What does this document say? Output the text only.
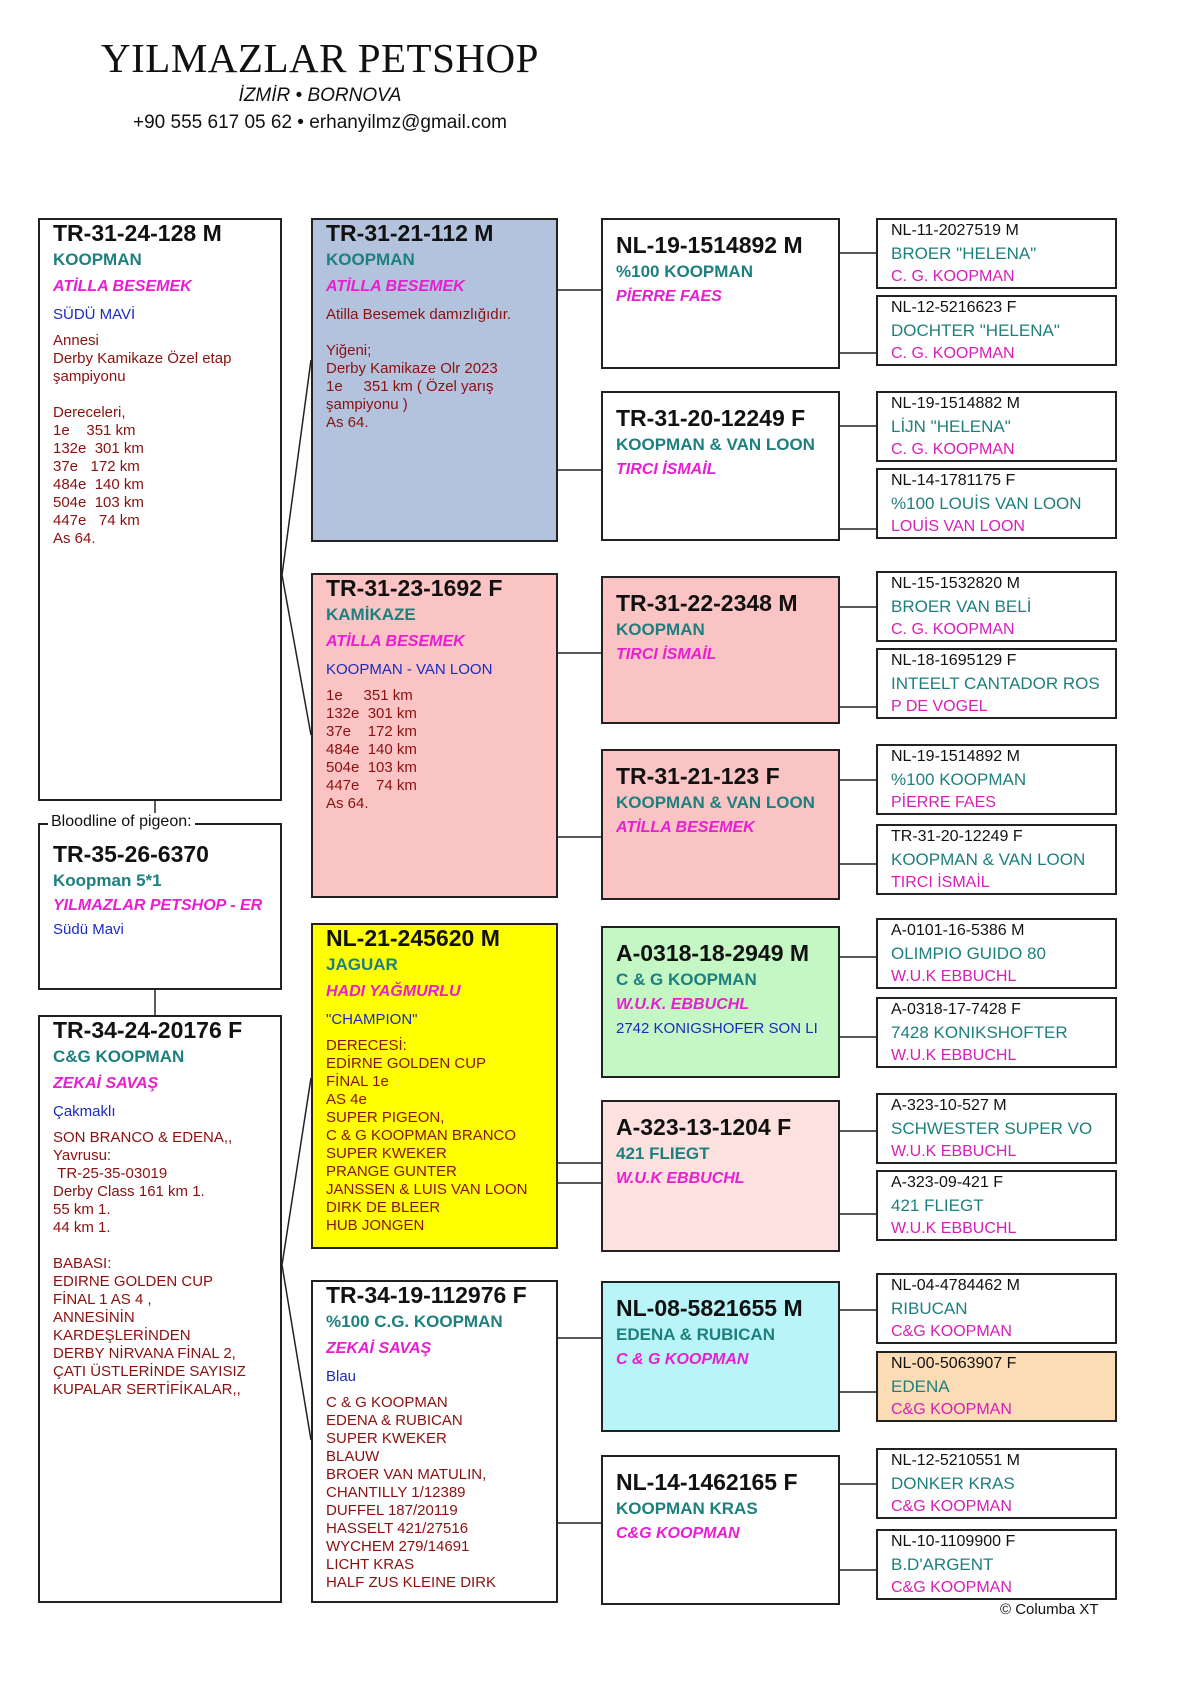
YILMAZLAR PETSHOP
İZMİR • BORNOVA
+90 555 617 05 62 • erhanyilmz@gmail.com
TR-31-24-128 M
KOOPMAN
ATİLLA BESEMEK
SÜDÜ MAVİ
Annesi
Derby Kamikaze Özel etap şampiyonu

Dereceleri,
1e    351 km
132e  301 km
37e   172 km
484e  140 km
504e  103 km
447e   74 km
As 64.
TR-35-26-6370
Koopman 5*1
YILMAZLAR PETSHOP - ER
Südü Mavi
Bloodline of pigeon:
TR-34-24-20176 F
C&G KOOPMAN
ZEKAİ SAVAŞ
Çakmaklı
SON BRANCO & EDENA,,
Yavrusu:
TR-25-35-03019
Derby Class 161 km 1.
55 km 1.
44 km 1.

BABASI:
EDIRNE GOLDEN CUP
FİNAL 1 AS 4 ,
ANNESİNİN
KARDEŞLERİNDEN
DERBY NİRVANA FİNAL 2,
ÇATI ÜSTLERİNDE SAYISIZ
KUPALAR SERTİFİKALAR,,
TR-31-21-112 M
KOOPMAN
ATİLLA BESEMEK
Atilla Besemek damızlığıdır.

Yiğeni;
Derby Kamikaze Olr 2023
1e     351 km ( Özel yarış
şampiyonu )
As 64.
TR-31-23-1692 F
KAMİKAZE
ATİLLA BESEMEK
KOOPMAN - VAN LOON
1e     351 km
132e  301 km
37e    172 km
484e  140 km
504e  103 km
447e    74 km
As 64.
NL-21-245620 M
JAGUAR
HADI YAĞMURLU
"CHAMPION"
DERECESİ:
EDİRNE GOLDEN CUP
FİNAL 1e
AS 4e
SUPER PIGEON,
C & G KOOPMAN BRANCO
SUPER KWEKER
PRANGE GUNTER
JANSSEN & LUIS VAN LOON
DIRK DE BLEER
HUB JONGEN
TR-34-19-112976 F
%100 C.G. KOOPMAN
ZEKAİ SAVAŞ
Blau
C & G KOOPMAN
EDENA & RUBICAN
SUPER KWEKER
BLAUW
BROER VAN MATULIN,
CHANTILLY 1/12389
DUFFEL 187/20119
HASSELT 421/27516
WYCHEM 279/14691
LICHT KRAS
HALF ZUS KLEINE DIRK
NL-19-1514892 M
%100 KOOPMAN
PİERRE FAES
TR-31-20-12249 F
KOOPMAN & VAN LOON
TIRCI İSMAİL
TR-31-22-2348 M
KOOPMAN
TIRCI İSMAİL
TR-31-21-123 F
KOOPMAN & VAN LOON
ATİLLA BESEMEK
A-0318-18-2949 M
C & G KOOPMAN
W.U.K. EBBUCHL
2742 KONIGSHOFER SON LI
A-323-13-1204 F
421 FLIEGT
W.U.K EBBUCHL
NL-08-5821655 M
EDENA & RUBICAN
C & G KOOPMAN
NL-14-1462165 F
KOOPMAN KRAS
C&G KOOPMAN
NL-11-2027519 M
BROER "HELENA"
C. G. KOOPMAN
NL-12-5216623 F
DOCHTER "HELENA"
C. G. KOOPMAN
NL-19-1514882 M
LİJN "HELENA"
C. G. KOOPMAN
NL-14-1781175 F
%100 LOUİS VAN LOON
LOUİS VAN LOON
NL-15-1532820 M
BROER VAN BELİ
C. G. KOOPMAN
NL-18-1695129 F
INTEELT CANTADOR ROS
P DE VOGEL
NL-19-1514892 M
%100 KOOPMAN
PİERRE FAES
TR-31-20-12249 F
KOOPMAN & VAN LOON
TIRCI İSMAİL
A-0101-16-5386 M
OLIMPIO GUIDO 80
W.U.K EBBUCHL
A-0318-17-7428 F
7428 KONIKSHOFTER
W.U.K EBBUCHL
A-323-10-527 M
SCHWESTER SUPER VO
W.U.K EBBUCHL
A-323-09-421 F
421 FLIEGT
W.U.K EBBUCHL
NL-04-4784462 M
RIBUCAN
C&G KOOPMAN
NL-00-5063907 F
EDENA
C&G KOOPMAN
NL-12-5210551 M
DONKER KRAS
C&G KOOPMAN
NL-10-1109900 F
B.D'ARGENT
C&G KOOPMAN
© Columba XT
